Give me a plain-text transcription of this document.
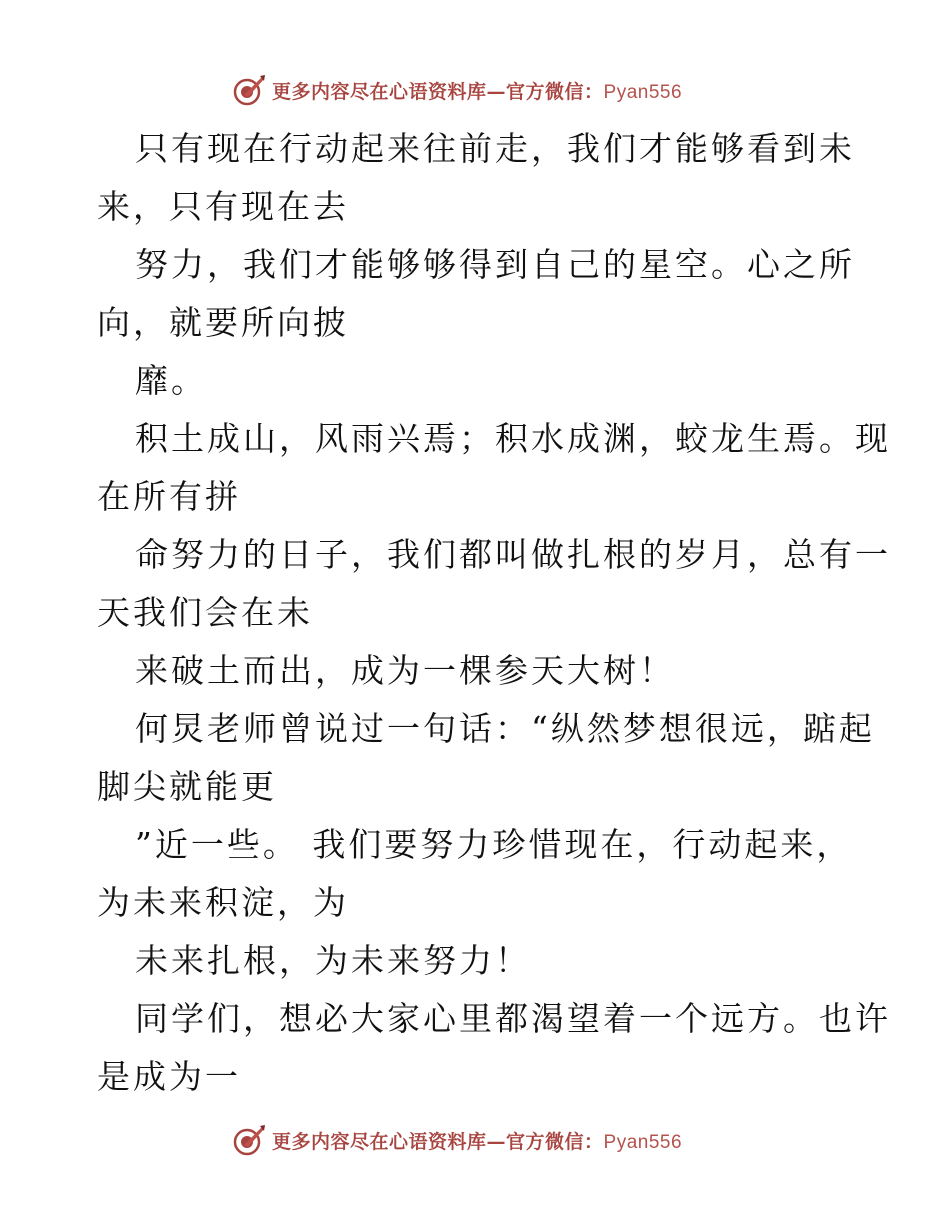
更多内容尽在心语资料库—官方微信：Pyan556
只有现在行动起来往前走，我们才能够看到未
来，只有现在去
努力，我们才能够够得到自己的星空。心之所
向，就要所向披
靡。
积土成山，风雨兴焉；积水成渊，蛟龙生焉。现
在所有拼
命努力的日子，我们都叫做扎根的岁月，总有一
天我们会在未
来破土而出，成为一棵参天大树！
何炅老师曾说过一句话：“纵然梦想很远，踮起
脚尖就能更
”近一些。 我们要努力珍惜现在，行动起来，
为未来积淀，为
未来扎根，为未来努力！
同学们，想必大家心里都渴望着一个远方。也许
是成为一
更多内容尽在心语资料库—官方微信：Pyan556
